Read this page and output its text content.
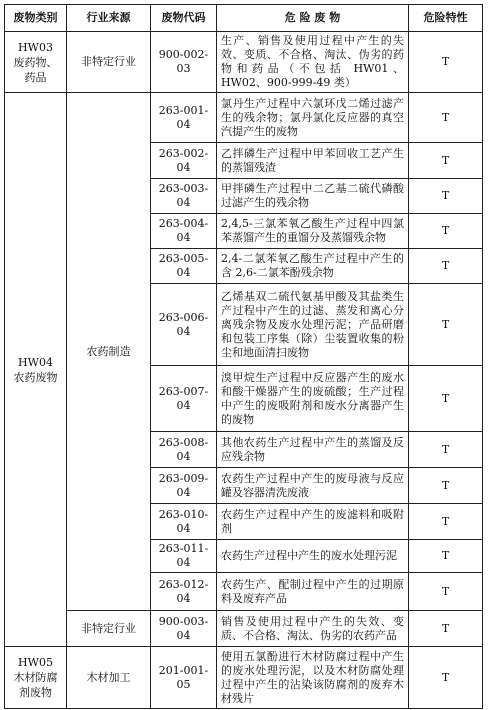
废物类别	行业来源	废物代码	危 险 废 物	危险特性

HW03
废药物、
药品	非特定行业	900-002-03	生产、销售及使用过程中产生的失效、变质、不合格、淘汰、伪劣的药物和药品（不包括 HW01、HW02、900-999-49 类）	T

HW04
农药废物	农药制造	263-001-04	氯丹生产过程中六氯环戊二烯过滤产生的残余物；氯丹氯化反应器的真空汽提产生的废物	T
		263-002-04	乙拌磷生产过程中甲苯回收工艺产生的蒸馏残渣	T
		263-003-04	甲拌磷生产过程中二乙基二硫代磷酸过滤产生的残余物	T
		263-004-04	2,4,5-三氯苯氧乙酸生产过程中四氯苯蒸馏产生的重馏分及蒸馏残余物	T
		263-005-04	2,4-二氯苯氧乙酸生产过程中产生的含 2,6-二氯苯酚残余物	T
		263-006-04	乙烯基双二硫代氨基甲酸及其盐类生产过程中产生的过滤、蒸发和离心分离残余物及废水处理污泥；产品研磨和包装工序集（除）尘装置收集的粉尘和地面清扫废物	T
		263-007-04	溴甲烷生产过程中反应器产生的废水和酸干燥器产生的废硫酸；生产过程中产生的废吸附剂和废水分离器产生的废物	T
		263-008-04	其他农药生产过程中产生的蒸馏及反应残余物	T
		263-009-04	农药生产过程中产生的废母液与反应罐及容器清洗废液	T
		263-010-04	农药生产过程中产生的废滤料和吸附剂	T
		263-011-04	农药生产过程中产生的废水处理污泥	T
		263-012-04	农药生产、配制过程中产生的过期原料及废弃产品	T
	非特定行业	900-003-04	销售及使用过程中产生的失效、变质、不合格、淘汰、伪劣的农药产品	T

HW05
木材防腐
剂废物	木材加工	201-001-05	使用五氯酚进行木材防腐过程中产生的废水处理污泥，以及木材防腐处理过程中产生的沾染该防腐剂的废弃木材残片	T
